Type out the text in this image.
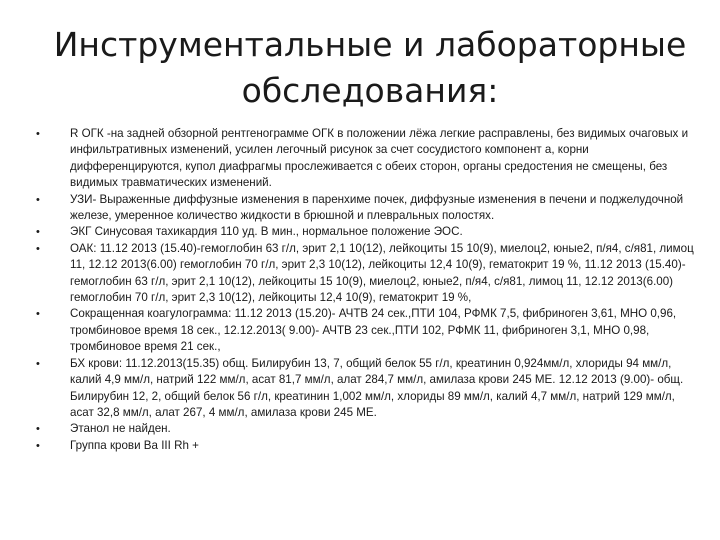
Инструментальные и лабораторные
обследования:
•	R ОГК -на задней обзорной рентгенограмме ОГК в положении лёжа легкие расправлены, без видимых очаговых и инфильтративных изменений, усилен легочный рисунок за счет сосудистого компонент а, корни дифференцируются, купол диафрагмы прослеживается с обеих сторон, органы средостения не смещены, без видимых травматических изменений.
•	УЗИ- Выраженные диффузные изменения в паренхиме почек, диффузные изменения в печени и поджелудочной железе, умеренное количество жидкости в брюшной и плевральных полостях.
•	ЭКГ Синусовая тахикардия 110 уд. В мин., нормальное положение ЭОС.
•	ОАК: 11.12 2013 (15.40)-гемоглобин 63 г/л, эрит 2,1 10(12), лейкоциты 15 10(9), миелоц2, юные2, п/я4, с/я81, лимоц 11, 12.12 2013(6.00) гемоглобин 70 г/л, эрит 2,3 10(12), лейкоциты 12,4 10(9), гематокрит 19 %, 11.12 2013 (15.40)-гемоглобин 63 г/л, эрит 2,1 10(12), лейкоциты 15 10(9), миелоц2, юные2, п/я4, с/я81, лимоц 11, 12.12 2013(6.00) гемоглобин 70 г/л, эрит 2,3 10(12), лейкоциты 12,4 10(9), гематокрит 19 %,
•	Сокращенная коагулограмма: 11.12 2013 (15.20)- АЧТВ 24 сек.,ПТИ 104, РФМК 7,5, фибриноген 3,61, МНО 0,96, тромбиновое время 18 сек., 12.12.2013( 9.00)- АЧТВ 23 сек.,ПТИ 102, РФМК 11, фибриноген 3,1, МНО 0,98, тромбиновое время 21 сек.,
•	БХ крови: 11.12.2013(15.35) общ. Билирубин 13, 7, общий белок 55 г/л, креатинин 0,924мм/л, хлориды 94 мм/л, калий 4,9 мм/л, натрий 122 мм/л, асат 81,7 мм/л, алат 284,7 мм/л, амилаза крови 245 МЕ. 12.12 2013 (9.00)- общ. Билирубин 12, 2, общий белок 56 г/л, креатинин 1,002 мм/л, хлориды 89 мм/л, калий 4,7 мм/л, натрий 129 мм/л, асат 32,8 мм/л, алат 267, 4 мм/л, амилаза крови 245 МЕ.
•	Этанол не найден.
•	Группа крови Ва III Rh +
